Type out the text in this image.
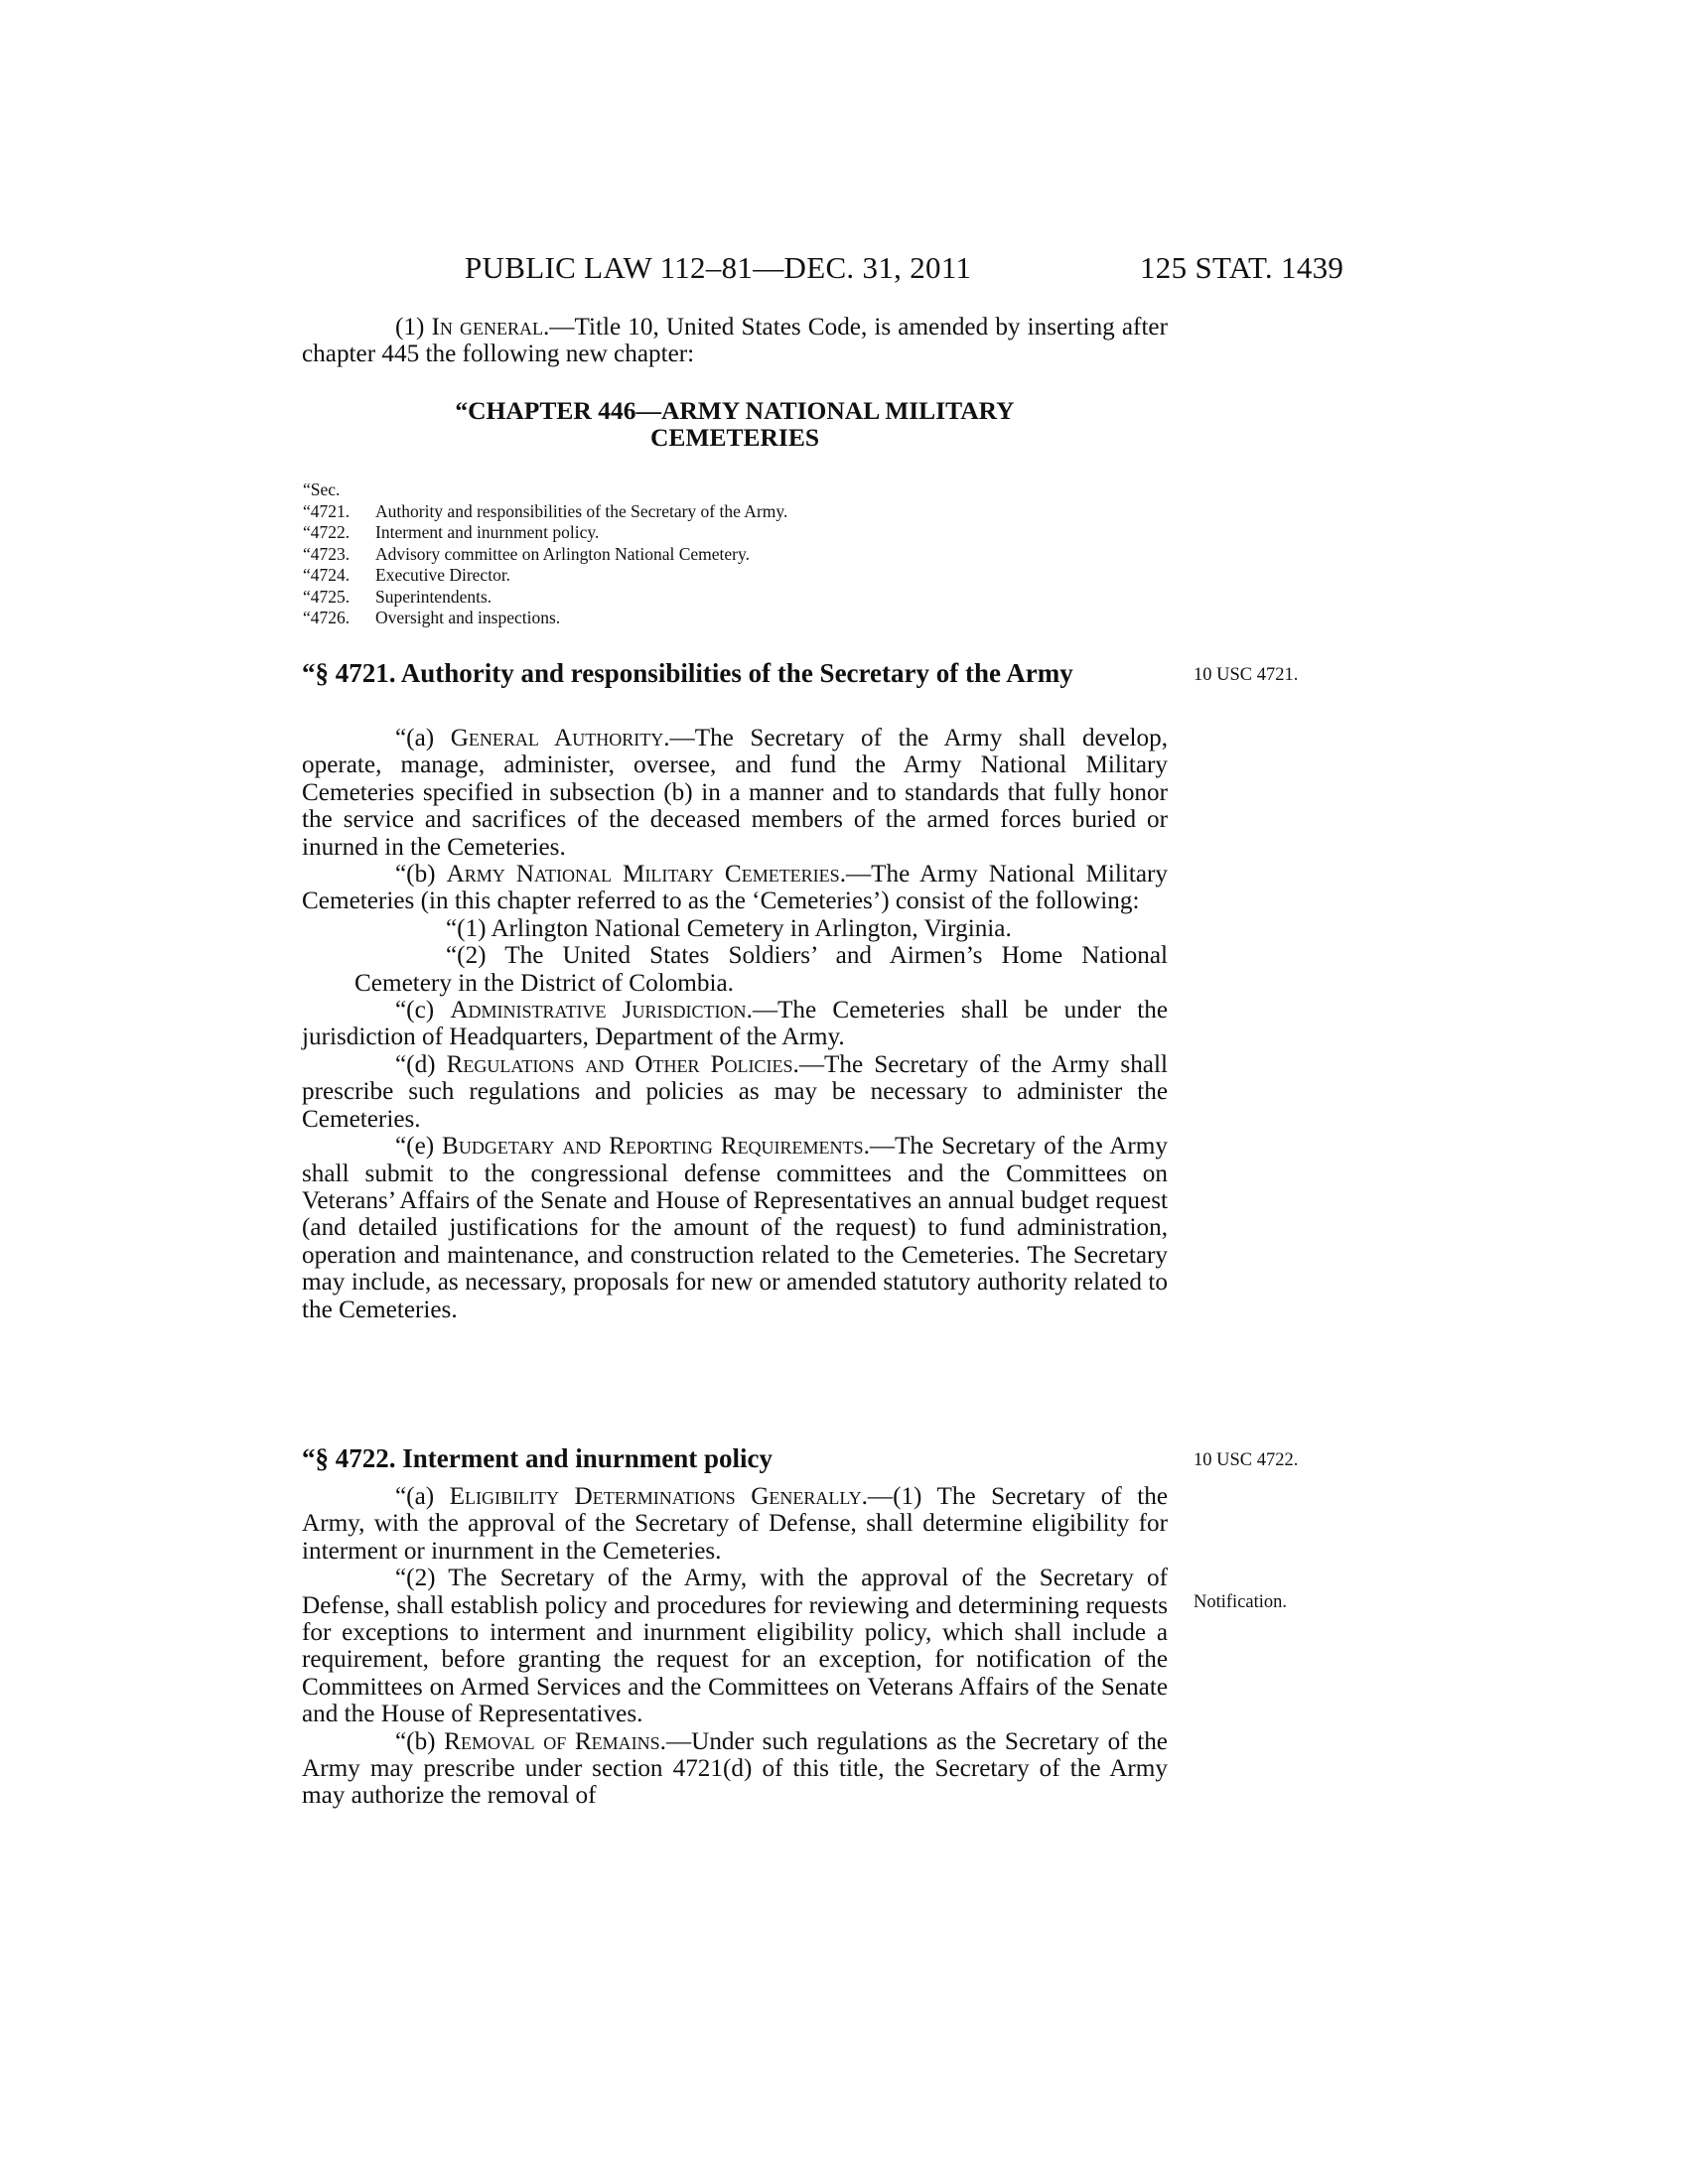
PUBLIC LAW 112–81—DEC. 31, 2011	125 STAT. 1439

(1) In general.—Title 10, United States Code, is amended by inserting after chapter 445 the following new chapter:

“CHAPTER 446—ARMY NATIONAL MILITARY
CEMETERIES
“Sec.
“4721. Authority and responsibilities of the Secretary of the Army.
“4722. Interment and inurnment policy.
“4723. Advisory committee on Arlington National Cemetery.
“4724. Executive Director.
“4725. Superintendents.
“4726. Oversight and inspections.
“§ 4721. Authority and responsibilities of the Secretary of the Army	10 USC 4721.

“(a) General Authority.—The Secretary of the Army shall develop, operate, manage, administer, oversee, and fund the Army National Military Cemeteries specified in subsection (b) in a manner and to standards that fully honor the service and sacrifices of the deceased members of the armed forces buried or inurned in the Cemeteries.

“(b) Army National Military Cemeteries.—The Army National Military Cemeteries (in this chapter referred to as the ‘Cemeteries’) consist of the following:

“(1) Arlington National Cemetery in Arlington, Virginia.

“(2) The United States Soldiers’ and Airmen’s Home National Cemetery in the District of Colombia.

“(c) Administrative Jurisdiction.—The Cemeteries shall be under the jurisdiction of Headquarters, Department of the Army.

“(d) Regulations and Other Policies.—The Secretary of the Army shall prescribe such regulations and policies as may be necessary to administer the Cemeteries.

“(e) Budgetary and Reporting Requirements.—The Secretary of the Army shall submit to the congressional defense committees and the Committees on Veterans’ Affairs of the Senate and House of Representatives an annual budget request (and detailed justifications for the amount of the request) to fund administration, operation and maintenance, and construction related to the Cemeteries. The Secretary may include, as necessary, proposals for new or amended statutory authority related to the Cemeteries.

“§ 4722. Interment and inurnment policy	10 USC 4722.

“(a) Eligibility Determinations Generally.—(1) The Secretary of the Army, with the approval of the Secretary of Defense, shall determine eligibility for interment or inurnment in the Cemeteries.

“(2) The Secretary of the Army, with the approval of the Secretary of Defense, shall establish policy and procedures for reviewing and determining requests for exceptions to interment and inurnment eligibility policy, which shall include a requirement, before granting the request for an exception, for notification of the Committees on Armed Services and the Committees on Veterans Affairs of the Senate and the House of Representatives.

“(b) Removal of Remains.—Under such regulations as the Secretary of the Army may prescribe under section 4721(d) of this title, the Secretary of the Army may authorize the removal of

Notification.
